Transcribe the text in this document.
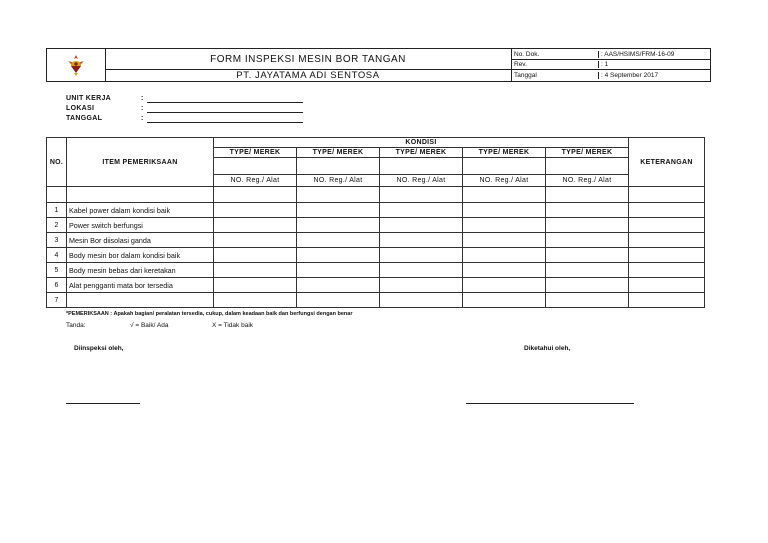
FORM INSPEKSI MESIN BOR TANGAN
PT. JAYATAMA ADI SENTOSA
No. Dok.	: AAS/HSIMS/FRM-16-09
Rev.	: 1
Tanggal	: 4 September 2017
UNIT KERJA	:
LOKASI	:
TANGGAL	:
NO.	ITEM PEMERIKSAAN	KONDISI					KETERANGAN
		TYPE/ MEREK	TYPE/ MEREK	TYPE/ MEREK	TYPE/ MEREK	TYPE/ MEREK	

		NO. Reg./ Alat	NO. Reg./ Alat	NO. Reg./ Alat	NO. Reg./ Alat	NO. Reg./ Alat	

1	Kabel power dalam kondisi baik						
2	Power switch berfungsi						
3	Mesin Bor diisolasi ganda						
4	Body mesin bor dalam kondisi baik						
5	Body mesin bebas dari keretakan						
6	Alat pengganti mata bor tersedia						
7							
*PEMERIKSAAN : Apakah bagian/ peralatan tersedia, cukup, dalam keadaan baik dan berfungsi dengan benar
Tanda:	√ = Baik/ Ada	X = Tidak baik
Diinspeksi oleh,	Diketahui oleh,
